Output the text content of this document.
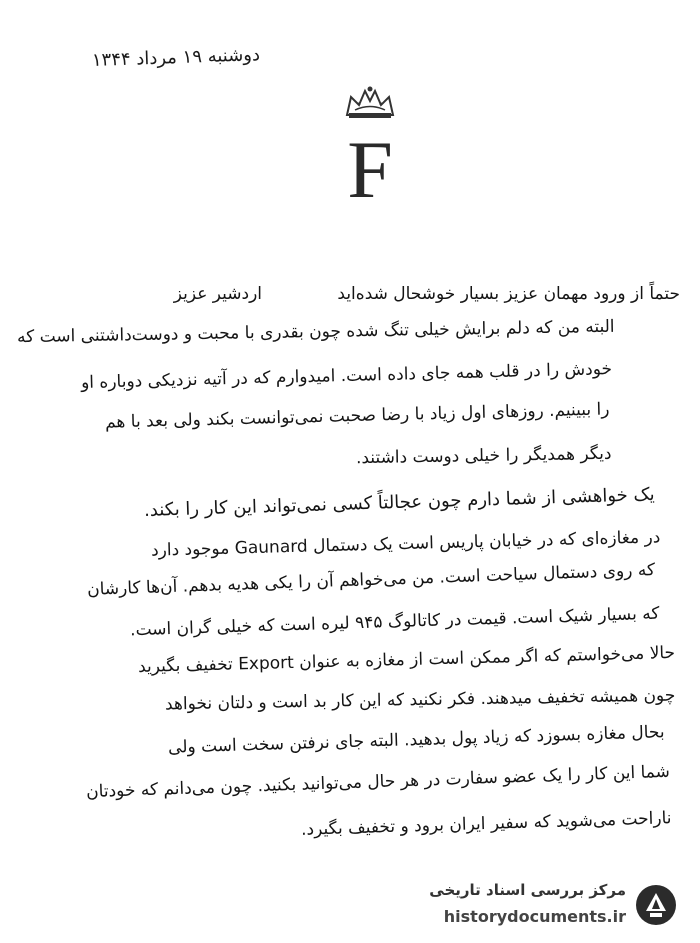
دوشنبه ۱۹ مرداد ۱۳۴۴
F
حتماً از ورود مهمان عزیز بسیار خوشحال شده‌اید اردشیر عزیز
البته من که دلم برایش خیلی تنگ شده چون بقدری با محبت و دوست‌داشتنی است که
خودش را در قلب همه جای داده است. امیدوارم که در آتیه نزدیکی دوباره او
را ببینیم. روزهای اول زیاد با رضا صحبت نمی‌توانست بکند ولی بعد با هم
دیگر همدیگر را خیلی دوست داشتند.
یک خواهشی از شما دارم چون عجالتاً کسی نمی‌تواند این کار را بکند.
در مغازه‌ای که در خیابان پاریس است یک دستمال Gaunard موجود دارد
که روی دستمال سیاحت است. من می‌خواهم آن را یکی هدیه بدهم. آن‌ها کارشان
که بسیار شیک است. قیمت در کاتالوگ ۹۴۵ لیره است که خیلی گران است.
حالا می‌خواستم که اگر ممکن است از مغازه به عنوان Export تخفیف بگیرید
چون همیشه تخفیف میدهند. فکر نکنید که این کار بد است و دلتان نخواهد
بحال مغازه بسوزد که زیاد پول بدهید. البته جای نرفتن سخت است ولی
شما این کار را یک عضو سفارت در هر حال می‌توانید بکنید. چون می‌دانم که خودتان
ناراحت می‌شوید که سفیر ایران برود و تخفیف بگیرد.
مرکز بررسی اسناد تاریخی
historydocuments.ir
